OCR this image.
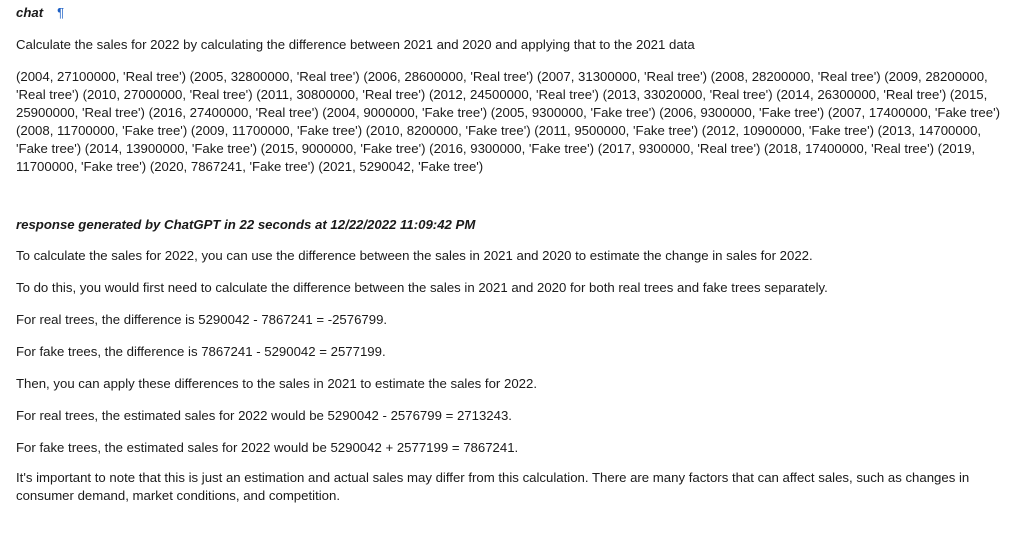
chat ¶

Calculate the sales for 2022 by calculating the difference between 2021 and 2020 and applying that to the 2021 data

(2004, 27100000, 'Real tree') (2005, 32800000, 'Real tree') (2006, 28600000, 'Real tree') (2007, 31300000, 'Real tree') (2008, 28200000, 'Real tree') (2009, 28200000, 'Real tree') (2010, 27000000, 'Real tree') (2011, 30800000, 'Real tree') (2012, 24500000, 'Real tree') (2013, 33020000, 'Real tree') (2014, 26300000, 'Real tree') (2015, 25900000, 'Real tree') (2016, 27400000, 'Real tree') (2004, 9000000, 'Fake tree') (2005, 9300000, 'Fake tree') (2006, 9300000, 'Fake tree') (2007, 17400000, 'Fake tree') (2008, 11700000, 'Fake tree') (2009, 11700000, 'Fake tree') (2010, 8200000, 'Fake tree') (2011, 9500000, 'Fake tree') (2012, 10900000, 'Fake tree') (2013, 14700000, 'Fake tree') (2014, 13900000, 'Fake tree') (2015, 9000000, 'Fake tree') (2016, 9300000, 'Fake tree') (2017, 9300000, 'Real tree') (2018, 17400000, 'Real tree') (2019, 11700000, 'Fake tree') (2020, 7867241, 'Fake tree') (2021, 5290042, 'Fake tree')

response generated by ChatGPT in 22 seconds at 12/22/2022 11:09:42 PM

To calculate the sales for 2022, you can use the difference between the sales in 2021 and 2020 to estimate the change in sales for 2022.

To do this, you would first need to calculate the difference between the sales in 2021 and 2020 for both real trees and fake trees separately.

For real trees, the difference is 5290042 - 7867241 = -2576799.

For fake trees, the difference is 7867241 - 5290042 = 2577199.

Then, you can apply these differences to the sales in 2021 to estimate the sales for 2022.

For real trees, the estimated sales for 2022 would be 5290042 - 2576799 = 2713243.

For fake trees, the estimated sales for 2022 would be 5290042 + 2577199 = 7867241.

It's important to note that this is just an estimation and actual sales may differ from this calculation. There are many factors that can affect sales, such as changes in consumer demand, market conditions, and competition.
